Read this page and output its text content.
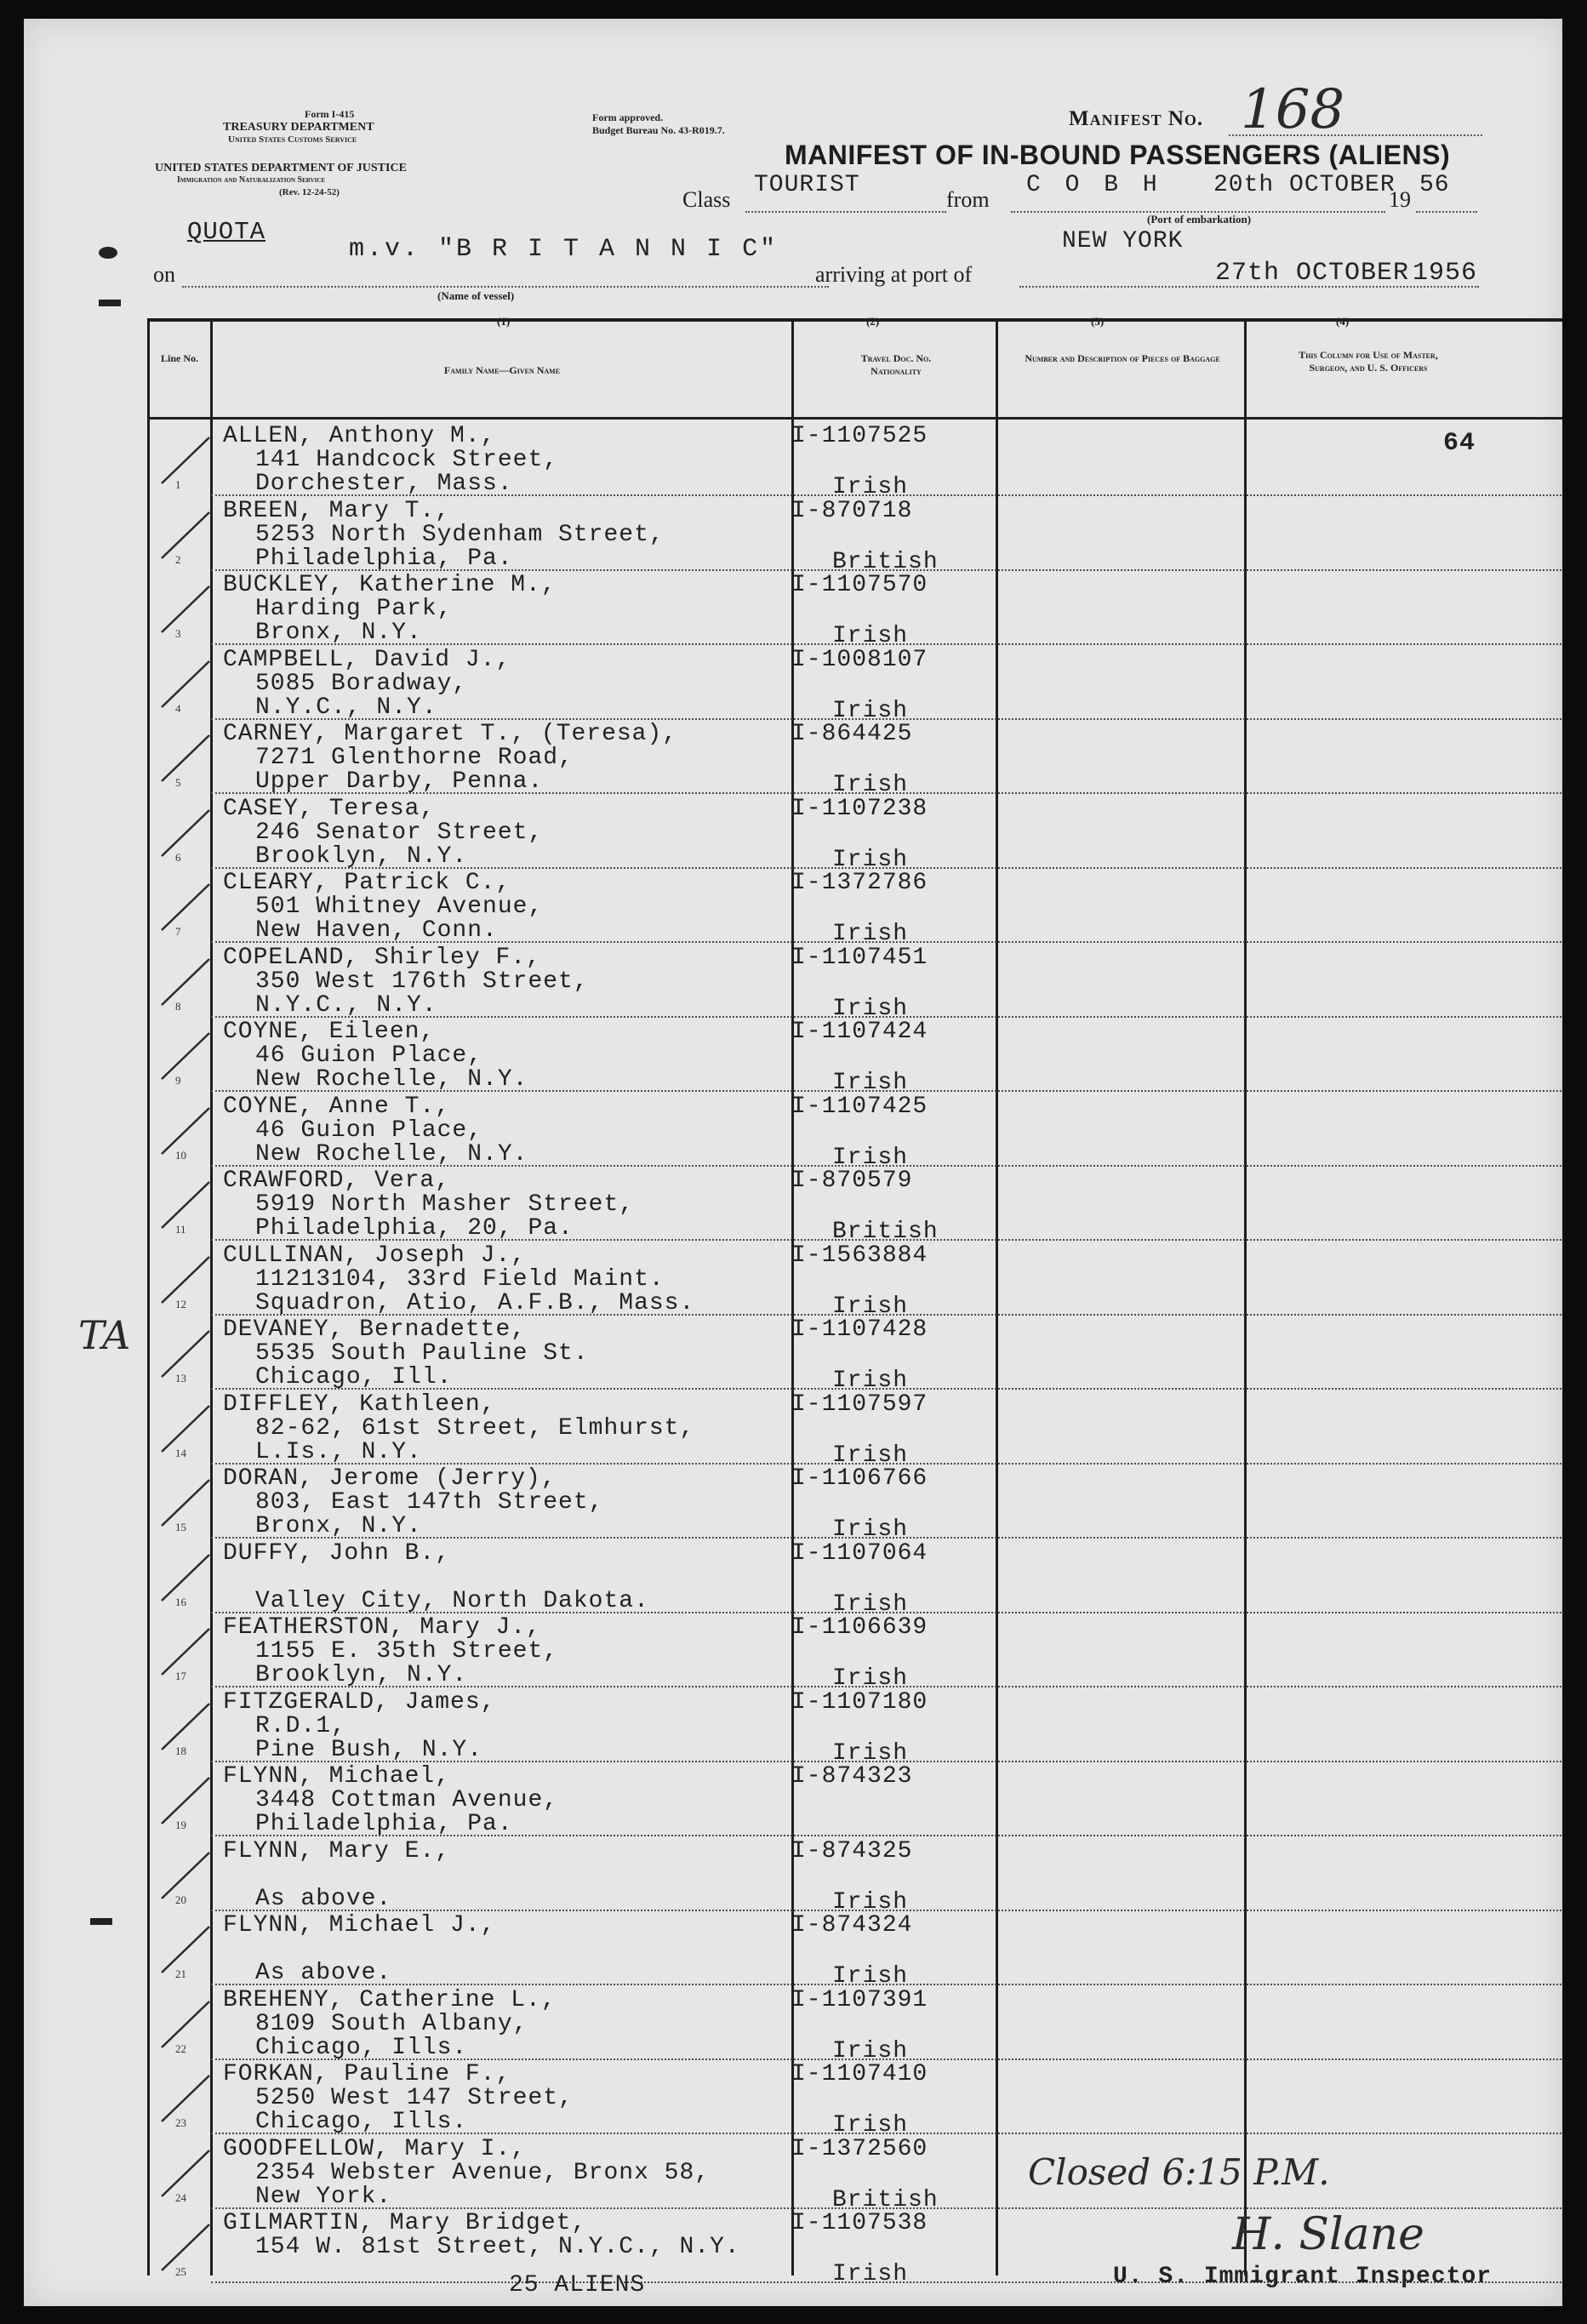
Form I-415
TREASURY DEPARTMENT
United States Customs Service
UNITED STATES DEPARTMENT OF JUSTICE
Immigration and Naturalization Service
(Rev. 12-24-52)
Form approved.
Budget Bureau No. 43-R019.7.	Manifest No. 168
MANIFEST OF IN-BOUND PASSENGERS (ALIENS)
Class
TOURIST
from
C O B H 20th OCTOBER
19
56
(Port of embarkation)
QUOTA
on
m.v. "B R I T A N N I C"
(Name of vessel)
arriving at port of
NEW YORK
27th OCTOBER 1956
Line No.
Family Name—Given Name
Travel Doc. No. Nationality
Number and Description of Pieces of Baggage	This Column for Use of Master, Surgeon, and U. S. Officers
1
ALLEN, Anthony M.,
141 Handcock Street,
Dorchester, Mass.
I-1107525
Irish
64
2
BREEN, Mary T.,
5253 North Sydenham Street,
Philadelphia, Pa.
I-870718
British
3
BUCKLEY, Katherine M.,
Harding Park,
Bronx, N.Y.
I-1107570
Irish
4
CAMPBELL, David J.,
5085 Boradway,
N.Y.C., N.Y.
I-1008107
Irish
5
CARNEY, Margaret T., (Teresa),
7271 Glenthorne Road,
Upper Darby, Penna.
I-864425
Irish
6
CASEY, Teresa,
246 Senator Street,
Brooklyn, N.Y.
I-1107238
Irish
7
CLEARY, Patrick C.,
501 Whitney Avenue,
New Haven, Conn.
I-1372786
Irish
8
COPELAND, Shirley F.,
350 West 176th Street,
N.Y.C., N.Y.
I-1107451
Irish
9
COYNE, Eileen,
46 Guion Place,
New Rochelle, N.Y.
I-1107424
Irish
10
COYNE, Anne T.,
46 Guion Place,
New Rochelle, N.Y.
I-1107425
Irish
11
CRAWFORD, Vera,
5919 North Masher Street,
Philadelphia, 20, Pa.
I-870579
British
12
CULLINAN, Joseph J.,
11213104, 33rd Field Maint.
Squadron, Atio, A.F.B., Mass.
I-1563884
Irish
13
DEVANEY, Bernadette,
5535 South Pauline St.
Chicago, Ill.
I-1107428
Irish
14
DIFFLEY, Kathleen,
82-62, 61st Street, Elmhurst,
L.Is., N.Y.
I-1107597
Irish
15
DORAN, Jerome (Jerry),
803, East 147th Street,
Bronx, N.Y.
I-1106766
Irish
16
DUFFY, John B.,
Valley City, North Dakota.
I-1107064
Irish
17
FEATHERSTON, Mary J.,
1155 E. 35th Street,
Brooklyn, N.Y.
I-1106639
Irish
18
FITZGERALD, James,
R.D.1,
Pine Bush, N.Y.
I-1107180
Irish
19
FLYNN, Michael,
3448 Cottman Avenue,
Philadelphia, Pa.
I-874323
20
FLYNN, Mary E.,
As above.
I-874325
Irish
21
FLYNN, Michael J.,
As above.
I-874324
Irish
22
BREHENY, Catherine L.,
8109 South Albany,
Chicago, Ills.
I-1107391
Irish
23
FORKAN, Pauline F.,
5250 West 147 Street,
Chicago, Ills.
I-1107410
Irish
24
GOODFELLOW, Mary I.,
2354 Webster Avenue, Bronx 58,
New York.
I-1372560
British
25
GILMARTIN, Mary Bridget,
154 W. 81st Street, N.Y.C., N.Y.
I-1107538
Irish
TA
25 ALIENS
Closed 6:15 P.M.
H. Slane
U. S. Immigrant Inspector
